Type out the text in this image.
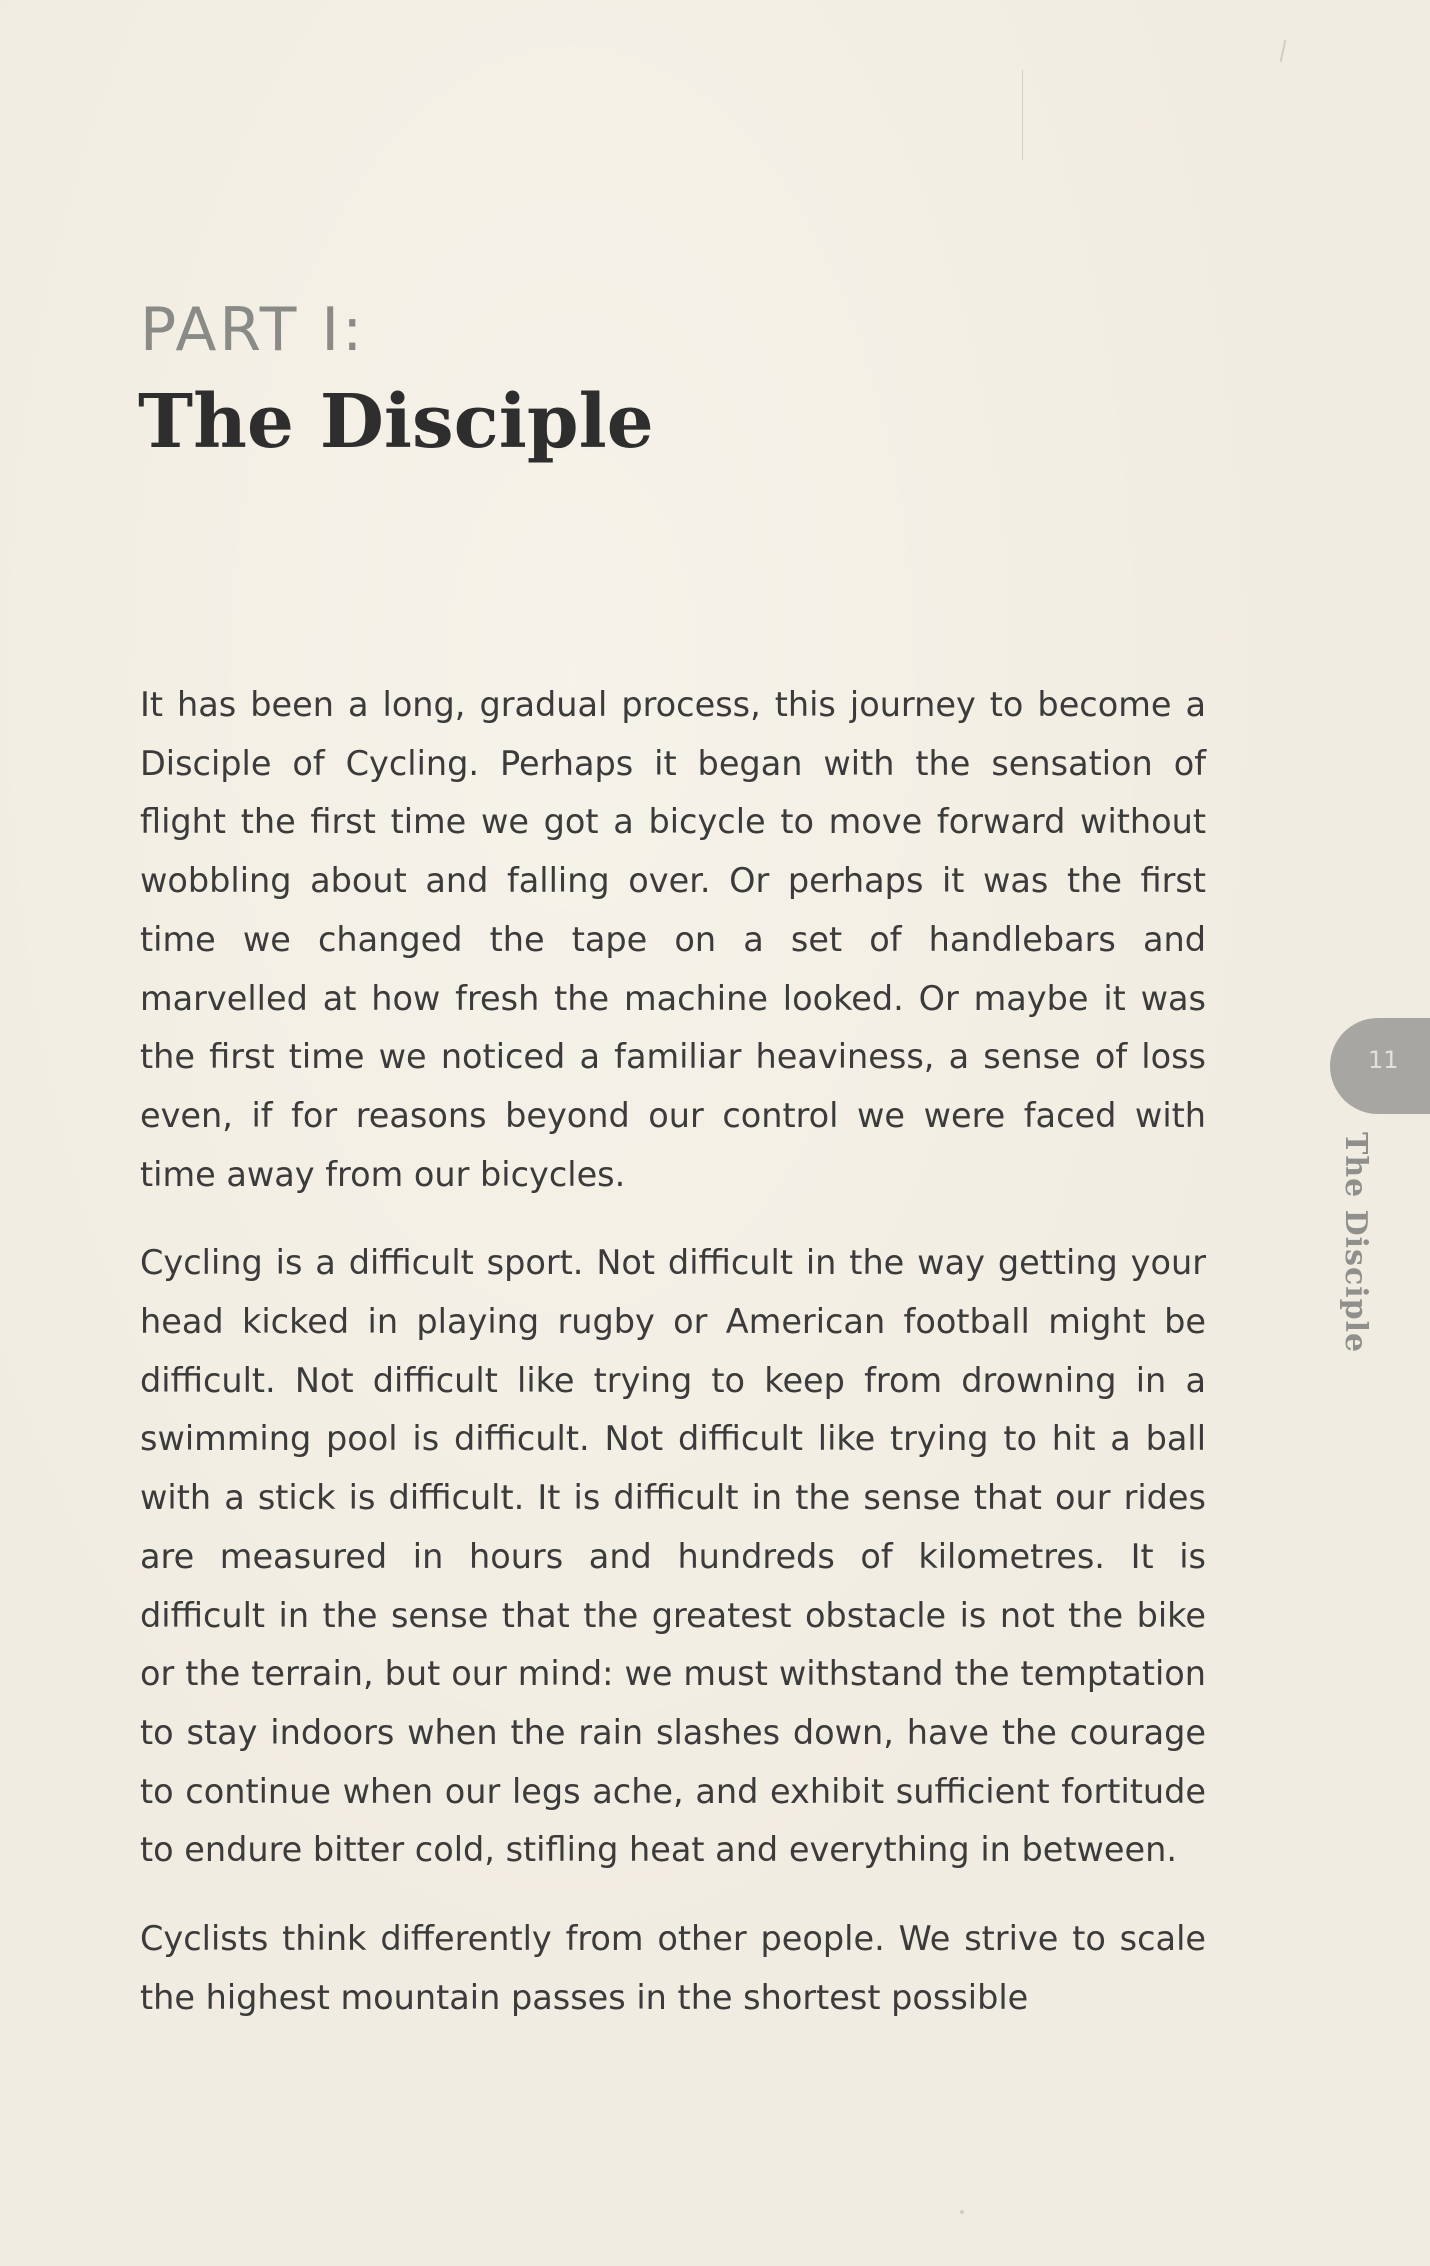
PART I:
The Disciple

It has been a long, gradual process, this journey to become a Disciple of Cycling. Perhaps it began with the sensation of flight the first time we got a bicycle to move forward without wobbling about and falling over. Or perhaps it was the first time we changed the tape on a set of handlebars and marvelled at how fresh the machine looked. Or maybe it was the first time we noticed a familiar heaviness, a sense of loss even, if for reasons beyond our control we were faced with time away from our bicycles.

Cycling is a difficult sport. Not difficult in the way getting your head kicked in playing rugby or American football might be difficult. Not difficult like trying to keep from drowning in a swimming pool is difficult. Not difficult like trying to hit a ball with a stick is difficult. It is difficult in the sense that our rides are measured in hours and hundreds of kilometres. It is difficult in the sense that the greatest obstacle is not the bike or the terrain, but our mind: we must withstand the temptation to stay indoors when the rain slashes down, have the courage to continue when our legs ache, and exhibit sufficient fortitude to endure bitter cold, stifling heat and everything in between.

Cyclists think differently from other people. We strive to scale the highest mountain passes in the shortest possible

11
The Disciple
